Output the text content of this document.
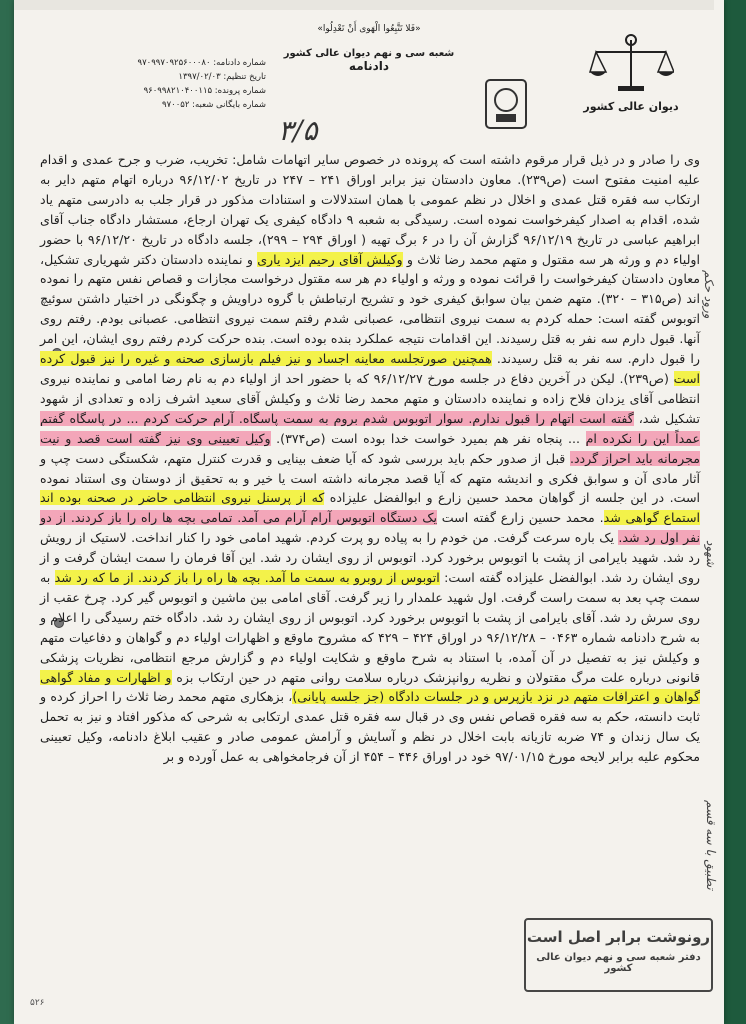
دیوان عالی کشور
«فَلا تَتَّبِعُوا الْهَوی أَنْ تَعْدِلُوا»
شعبه سی و نهم دیوان عالی کشور
دادنامه
۳/۵
شماره دادنامه: ۹۷۰۹۹۷۰۹۲۵۶۰۰۰۸۰
تاریخ تنظیم: ۱۳۹۷/۰۲/۰۳
شماره پرونده: ۹۶۰۹۹۸۲۱۰۴۰۰۱۱۵
شماره بایگانی شعبه: ۹۷۰۰۵۲

وی را صادر و در ذیل قرار مرقوم داشته است که پرونده در خصوص سایر اتهامات شامل: تخریب، ضرب و جرح عمدی و اقدام علیه امنیت مفتوح است (ص۲۳۹). معاون دادستان نیز برابر اوراق ۲۴۱ – ۲۴۷ در تاریخ ۹۶/۱۲/۰۲ درباره اتهام متهم دایر به ارتکاب سه فقره قتل عمدی و اخلال در نظم عمومی با همان استدلالات و استنادات مذکور در قرار جلب به دادرسی متهم یاد شده، اقدام به اصدار کیفرخواست نموده است. رسیدگی به شعبه ۹ دادگاه کیفری یک تهران ارجاع، مستشار دادگاه جناب آقای ابراهیم عباسی در تاریخ ۹۶/۱۲/۱۹ گزارش آن را در ۶ برگ تهیه ( اوراق ۲۹۴ – ۲۹۹)، جلسه دادگاه در تاریخ ۹۶/۱۲/۲۰ با حضور اولیاء دم و ورثه هر سه مقتول و متهم محمد رضا ثلاث و وکیلش آقای رحیم ایزد یاری و نماینده دادستان دکتر شهریاری تشکیل، معاون دادستان کیفرخواست را قرائت نموده و ورثه و اولیاء دم هر سه مقتول درخواست مجازات و قصاص نفس متهم را نموده اند (ص۳۱۵ – ۳۲۰). متهم ضمن بیان سوابق کیفری خود و تشریح ارتباطش با گروه دراویش و چگونگی در اختیار داشتن سوئیچ اتوبوس گفته است: حمله کردم به سمت نیروی انتظامی، عصبانی شدم رفتم سمت نیروی انتظامی. عصبانی بودم. رفتم روی آنها. قبول دارم سه نفر به قتل رسیدند. این اقدامات نتیجه عملکرد بنده بوده است. بنده حرکت کردم رفتم روی ایشان، این امر را قبول دارم. سه نفر به قتل رسیدند. همچنین صورتجلسه معاینه اجساد و نیز فیلم بازسازی صحنه و غیره را نیز قبول کرده است (ص۲۳۹). لیکن در آخرین دفاع در جلسه مورخ ۹۶/۱۲/۲۷ که با حضور احد از اولیاء دم به نام رضا امامی و نماینده نیروی انتظامی آقای یزدان فلاح زاده و نماینده دادستان و متهم محمد رضا ثلاث و وکیلش آقای سعید اشرف زاده و تعدادی از شهود تشکیل شد، گفته است اتهام را قبول ندارم. سوار اتوبوس شدم بروم به سمت پاسگاه. آرام حرکت کردم ... در پاسگاه گفتم عمداً این را نکرده ام ... پنجاه نفر هم بمیرد خواست خدا بوده است (ص۳۷۴). وکیل تعیینی وی نیز گفته است قصد و نیت مجرمانه باید احراز گردد. قبل از صدور حکم باید بررسی شود که آیا ضعف بینایی و قدرت کنترل متهم، شکستگی دست چپ و آثار مادی آن و سوابق فکری و اندیشه متهم که آیا قصد مجرمانه داشته است یا خیر و به تحقیق از دوستان وی استناد نموده است. در این جلسه از گواهان محمد حسین زارع و ابوالفضل علیزاده که از پرسنل نیروی انتظامی حاضر در صحنه بوده اند استماع گواهی شد. محمد حسین زارع گفته است یک دستگاه اتوبوس آرام آرام می آمد. تمامی بچه ها راه را باز کردند. از دو نفر اول رد شد. یک باره سرعت گرفت. من خودم را به پیاده رو پرت کردم. شهید امامی خود را کنار انداخت. لاستیک از رویش رد شد. شهید بایرامی از پشت با اتوبوس برخورد کرد. اتوبوس از روی ایشان رد شد. این آقا فرمان را سمت ایشان گرفت و از روی ایشان رد شد. ابوالفضل علیزاده گفته است: اتوبوس از روبرو به سمت ما آمد. بچه ها راه را باز کردند. از ما که رد شد به سمت چپ بعد به سمت راست گرفت. اول شهید علمدار را زیر گرفت. آقای امامی بین ماشین و اتوبوس گیر کرد. چرخ عقب از روی سرش رد شد. آقای بایرامی از پشت با اتوبوس برخورد کرد. اتوبوس از روی ایشان رد شد. دادگاه ختم رسیدگی را اعلام و به شرح دادنامه شماره ۰۴۶۳ – ۹۶/۱۲/۲۸ در اوراق ۴۲۴ – ۴۲۹ که مشروح ماوقع و اظهارات اولیاء دم و گواهان و دفاعیات متهم و وکیلش نیز به تفصیل در آن آمده، با استناد به شرح ماوقع و شکایت اولیاء دم و گزارش مرجع انتظامی، نظریات پزشکی قانونی درباره علت مرگ مقتولان و نظریه روانپزشک درباره سلامت روانی متهم در حین ارتکاب بزه و اظهارات و مفاد گواهی گواهان و اعترافات متهم در نزد بازپرس و در جلسات دادگاه (جز جلسه پایانی)، بزهکاری متهم محمد رضا ثلاث را احراز کرده و ثابت دانسته، حکم به سه فقره قصاص نفس وی در قبال سه فقره قتل عمدی ارتکابی به شرحی که مذکور افتاد و نیز به تحمل یک سال زندان و ۷۴ ضربه تازیانه بابت اخلال در نظم و آسایش و آرامش عمومی صادر و عقیب ابلاغ دادنامه، وکیل تعیینی محکوم علیه برابر لایحه مورخ ۹۷/۰۱/۱۵ خود در اوراق ۴۴۶ – ۴۵۴ از آن فرجامخواهی به عمل آورده و بر

ورود حکم
شهود
تطبیق با سه قسم
رونوشت برابر اصل است
دفتر شعبه سی و نهم دیوان عالی کشور
۵۲۶
